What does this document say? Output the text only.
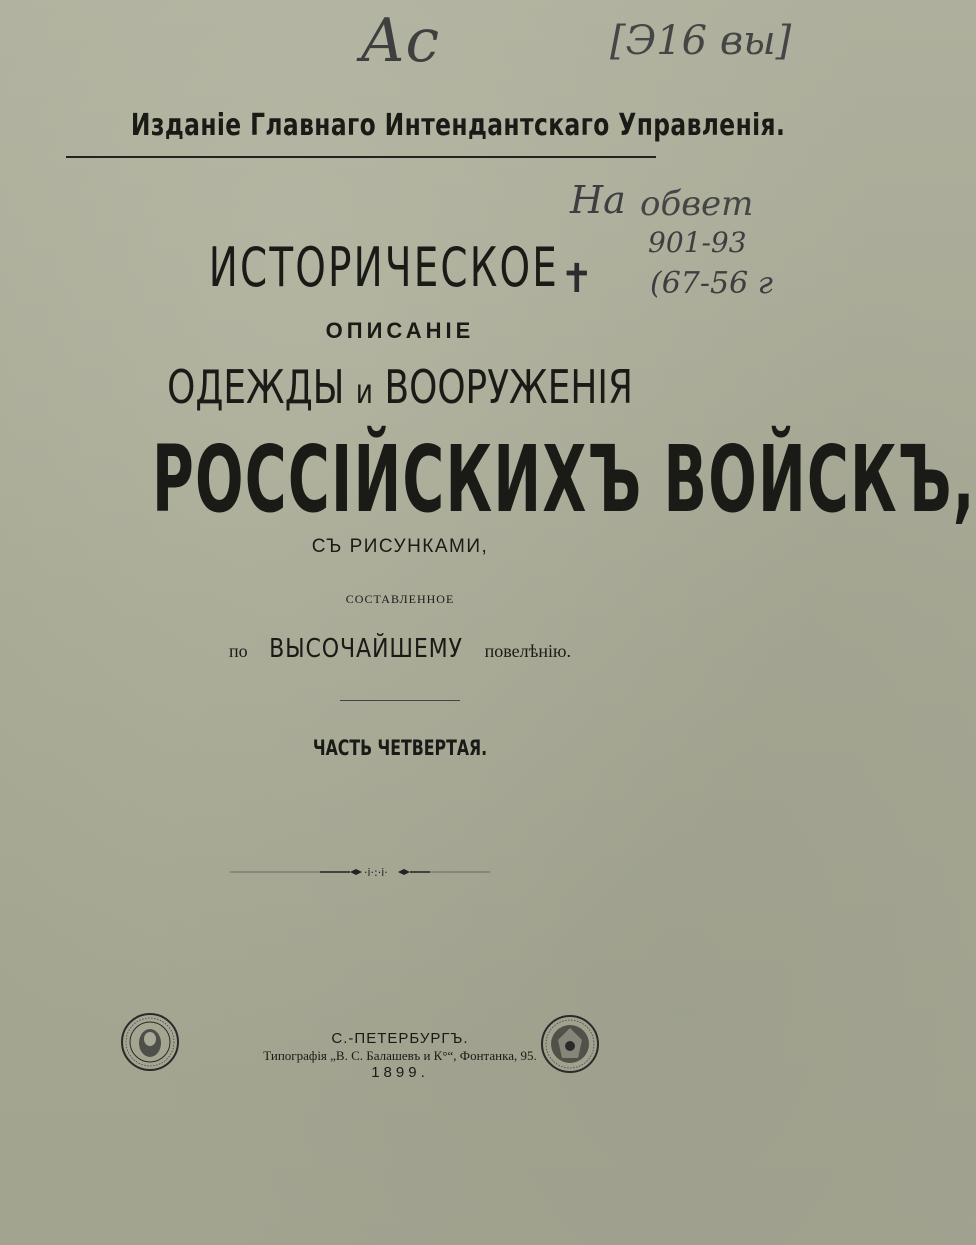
Ас	[Э16 вы]
На обвет
901-93
(67-56 г
✝
Изданіе Главнаго Интендантскаго Управленія.
ИСТОРИЧЕСКОЕ
ОПИСАНІЕ
ОДЕЖДЫ и ВООРУЖЕНІЯ
РОССІЙСКИХЪ ВОЙСКЪ,
СЪ РИСУНКАМИ,
СОСТАВЛЕННОЕ
по ВЫСОЧАЙШЕМУ повелѣнію.
ЧАСТЬ ЧЕТВЕРТАЯ.
·i·:·i·
С.-ПЕТЕРБУРГЪ.
Типографія „В. С. Балашевъ и К°“, Фонтанка, 95.
1899.
